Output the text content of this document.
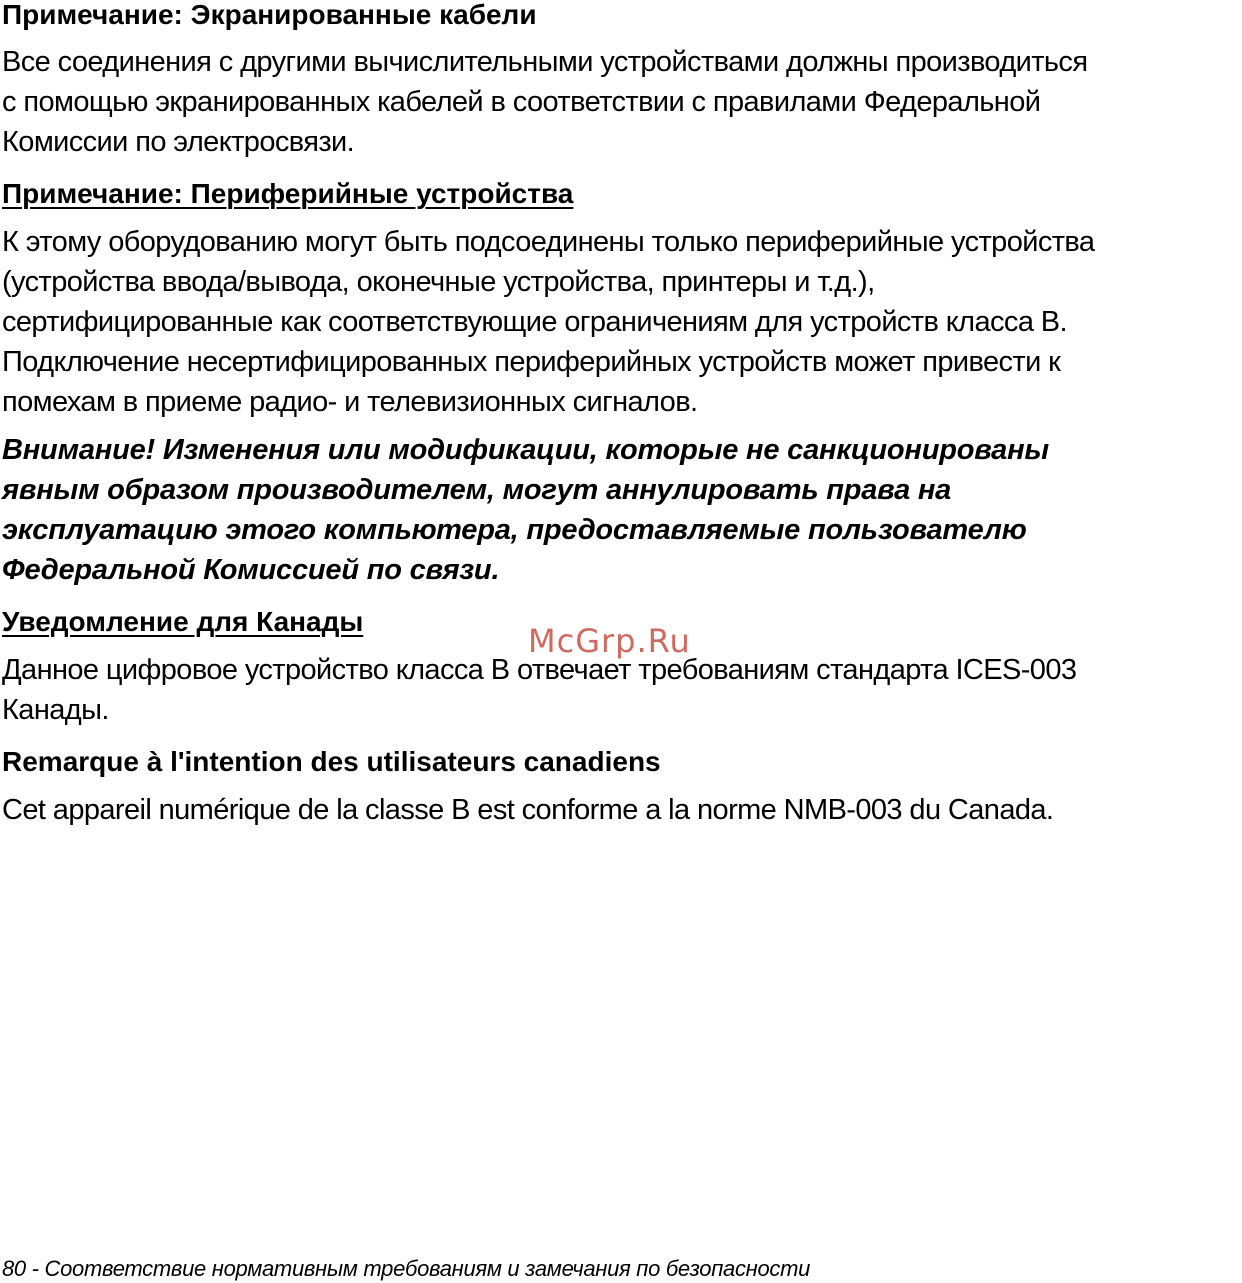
Примечание: Экранированные кабели
Все соединения с другими вычислительными устройствами должны производиться
с помощью экранированных кабелей в соответствии с правилами Федеральной
Комиссии по электросвязи.
Примечание: Периферийные устройства
К этому оборудованию могут быть подсоединены только периферийные устройства
(устройства ввода/вывода, оконечные устройства, принтеры и т.д.),
сертифицированные как соответствующие ограничениям для устройств класса B.
Подключение несертифицированных периферийных устройств может привести к
помехам в приеме радио- и телевизионных сигналов.
Внимание! Изменения или модификации, которые не санкционированы
явным образом производителем, могут аннулировать права на
эксплуатацию этого компьютера, предоставляемые пользователю
Федеральной Комиссией по связи.
Уведомление для Канады
Данное цифровое устройство класса B отвечает требованиям стандарта ICES-003
Канады.
Remarque à l'intention des utilisateurs canadiens
Cet appareil numérique de la classe B est conforme a la norme NMB-003 du Canada.
McGrp.Ru
80 - Соответствие нормативным требованиям и замечания по безопасности
